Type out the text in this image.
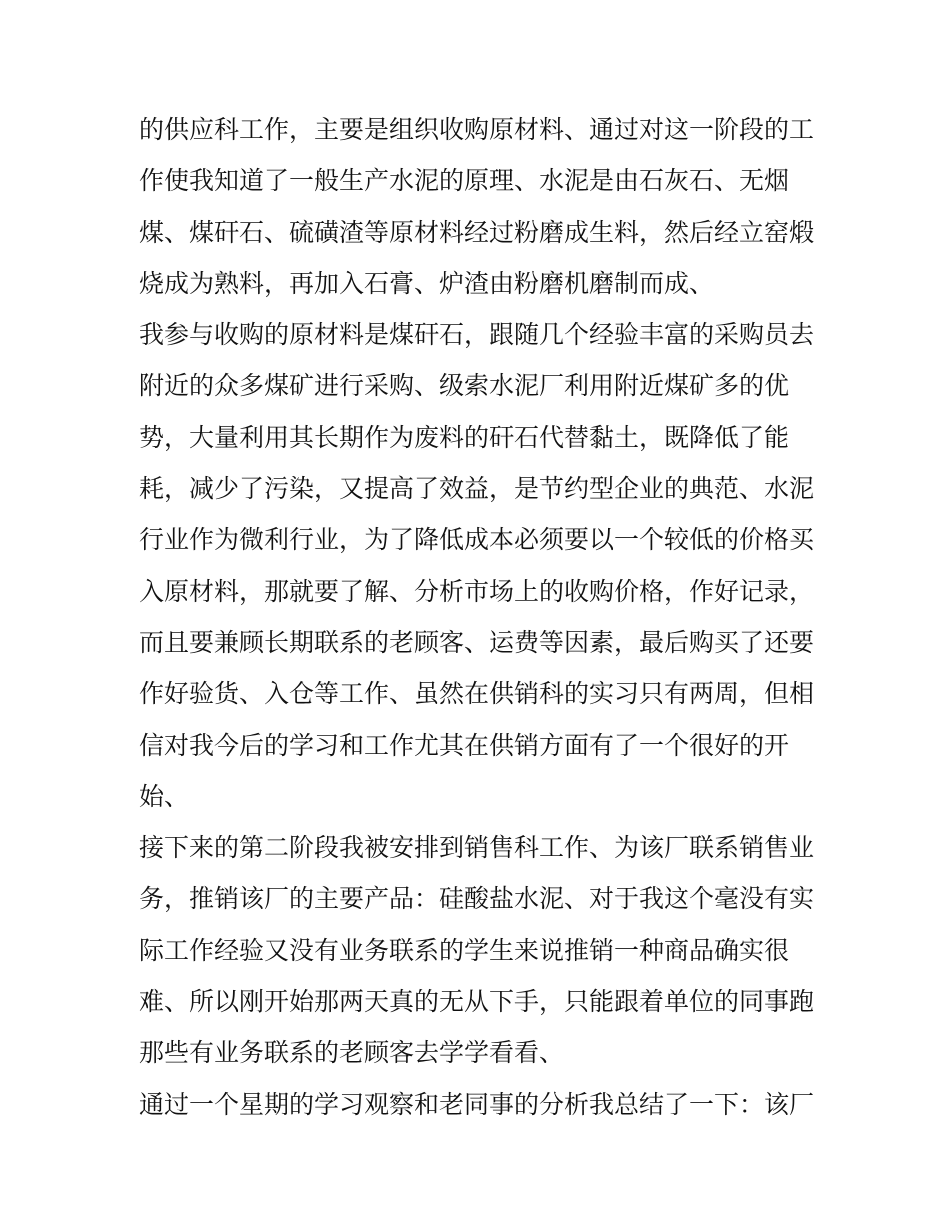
的供应科工作，主要是组织收购原材料、通过对这一阶段的工
作使我知道了一般生产水泥的原理、水泥是由石灰石、无烟
煤、煤矸石、硫磺渣等原材料经过粉磨成生料，然后经立窑煅
烧成为熟料，再加入石膏、炉渣由粉磨机磨制而成、
我参与收购的原材料是煤矸石，跟随几个经验丰富的采购员去
附近的众多煤矿进行采购、级索水泥厂利用附近煤矿多的优
势，大量利用其长期作为废料的矸石代替黏土，既降低了能
耗，减少了污染，又提高了效益，是节约型企业的典范、水泥
行业作为微利行业，为了降低成本必须要以一个较低的价格买
入原材料，那就要了解、分析市场上的收购价格，作好记录，
而且要兼顾长期联系的老顾客、运费等因素，最后购买了还要
作好验货、入仓等工作、虽然在供销科的实习只有两周，但相
信对我今后的学习和工作尤其在供销方面有了一个很好的开
始、
接下来的第二阶段我被安排到销售科工作、为该厂联系销售业
务，推销该厂的主要产品：硅酸盐水泥、对于我这个毫没有实
际工作经验又没有业务联系的学生来说推销一种商品确实很
难、所以刚开始那两天真的无从下手，只能跟着单位的同事跑
那些有业务联系的老顾客去学学看看、
通过一个星期的学习观察和老同事的分析我总结了一下：该厂
